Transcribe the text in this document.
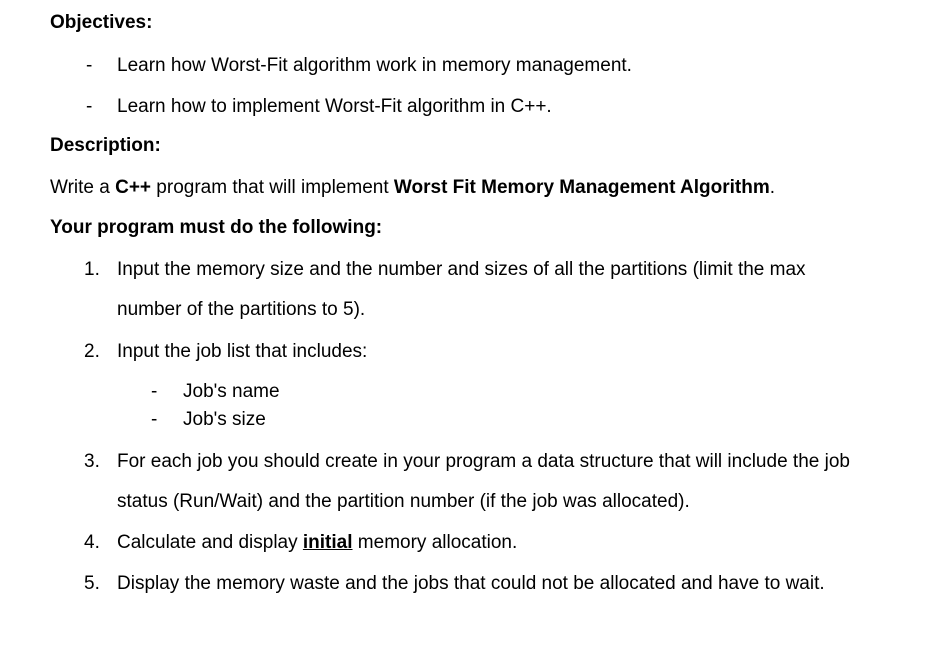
Objectives:
- Learn how Worst-Fit algorithm work in memory management.
- Learn how to implement Worst-Fit algorithm in C++.
Description:
Write a C++ program that will implement Worst Fit Memory Management Algorithm.
Your program must do the following:
1. Input the memory size and the number and sizes of all the partitions (limit the max
number of the partitions to 5).
2. Input the job list that includes:
- Job's name
- Job's size
3. For each job you should create in your program a data structure that will include the job
status (Run/Wait) and the partition number (if the job was allocated).
4. Calculate and display initial memory allocation.
5. Display the memory waste and the jobs that could not be allocated and have to wait.
